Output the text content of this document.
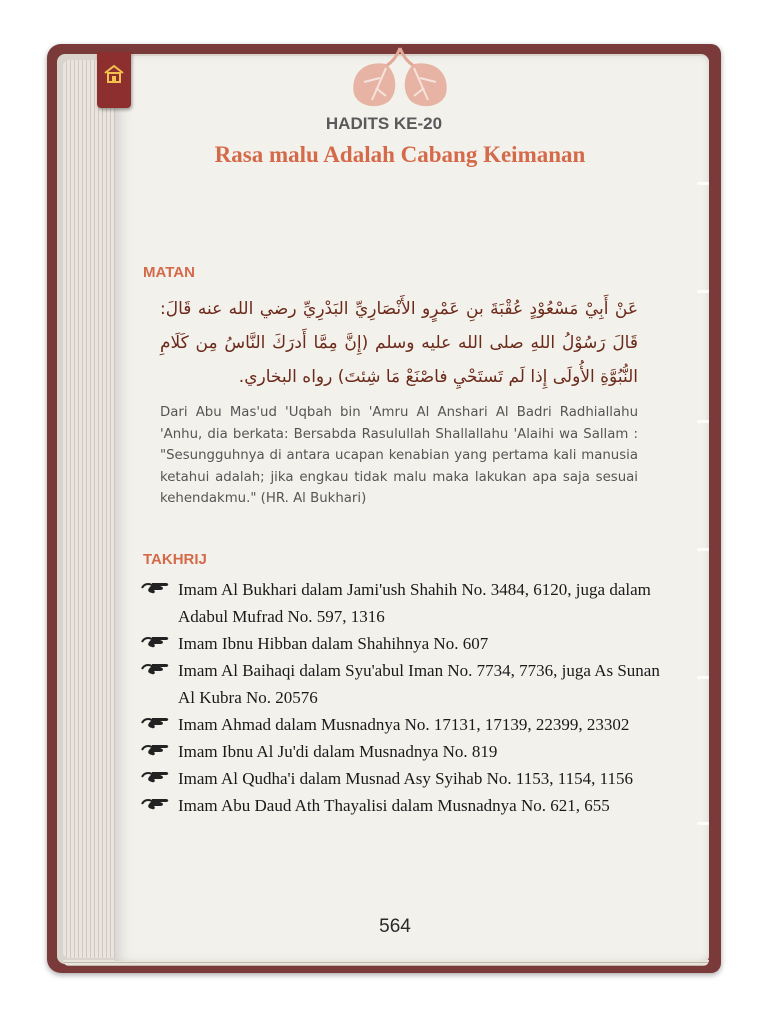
HADITS KE-20
Rasa malu Adalah Cabang Keimanan
MATAN
عَنْ أَبِيْ مَسْعُوْدٍ عُقْبَةَ بنِ عَمْرٍو الأَنْصَارِيِّ البَدْرِيِّ رضي الله عنه قَالَ: قَالَ رَسُوْلُ اللهِ صلى الله عليه وسلم (إِنَّ مِمَّا أَدرَكَ النَّاسُ مِن كَلَامِ النُّبُوَّةِ الأُولَى إِذا لَم تَستَحْيِ فاصْنَعْ مَا شِئتَ) رواه البخاري.
Dari Abu Mas'ud 'Uqbah bin 'Amru Al Anshari Al Badri Radhiallahu 'Anhu, dia berkata: Bersabda Rasulullah Shallallahu 'Alaihi wa Sallam : "Sesungguhnya di antara ucapan kenabian yang pertama kali manusia ketahui adalah; jika engkau tidak malu maka lakukan apa saja sesuai kehendakmu." (HR. Al Bukhari)
TAKHRIJ
Imam Al Bukhari dalam Jami'ush Shahih No. 3484, 6120, juga dalam Adabul Mufrad No. 597, 1316
Imam Ibnu Hibban dalam Shahihnya No. 607
Imam Al Baihaqi dalam Syu'abul Iman No. 7734, 7736, juga As Sunan Al Kubra No. 20576
Imam Ahmad dalam Musnadnya No. 17131, 17139, 22399, 23302
Imam Ibnu Al Ju'di dalam Musnadnya No. 819
Imam Al Qudha'i dalam Musnad Asy Syihab No. 1153, 1154, 1156
Imam Abu Daud Ath Thayalisi dalam Musnadnya No. 621, 655
564
